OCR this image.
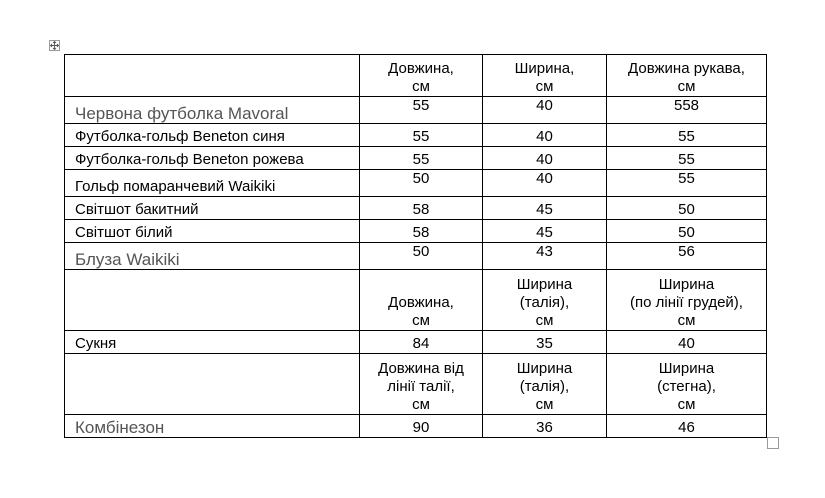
	Довжина,
см	Ширина,
см	Довжина рукава,
см

Червона футболка Mavoral	55	40	558
Футболка-гольф Beneton синя	55	40	55
Футболка-гольф Beneton рожева	55	40	55
Гольф помаранчевий Waikiki	50	40	55
Світшот бакитний	58	45	50
Світшот білий	58	45	50
Блуза Waikiki	50	43	56

	Довжина,
см	Ширина
(талія),
см	Ширина
(по лінії грудей),
см

Сукня	84	35	40

	Довжина від
лінії талії,
см	Ширина
(талія),
см	Ширина
(стегна),
см

Комбінезон	90	36	46
